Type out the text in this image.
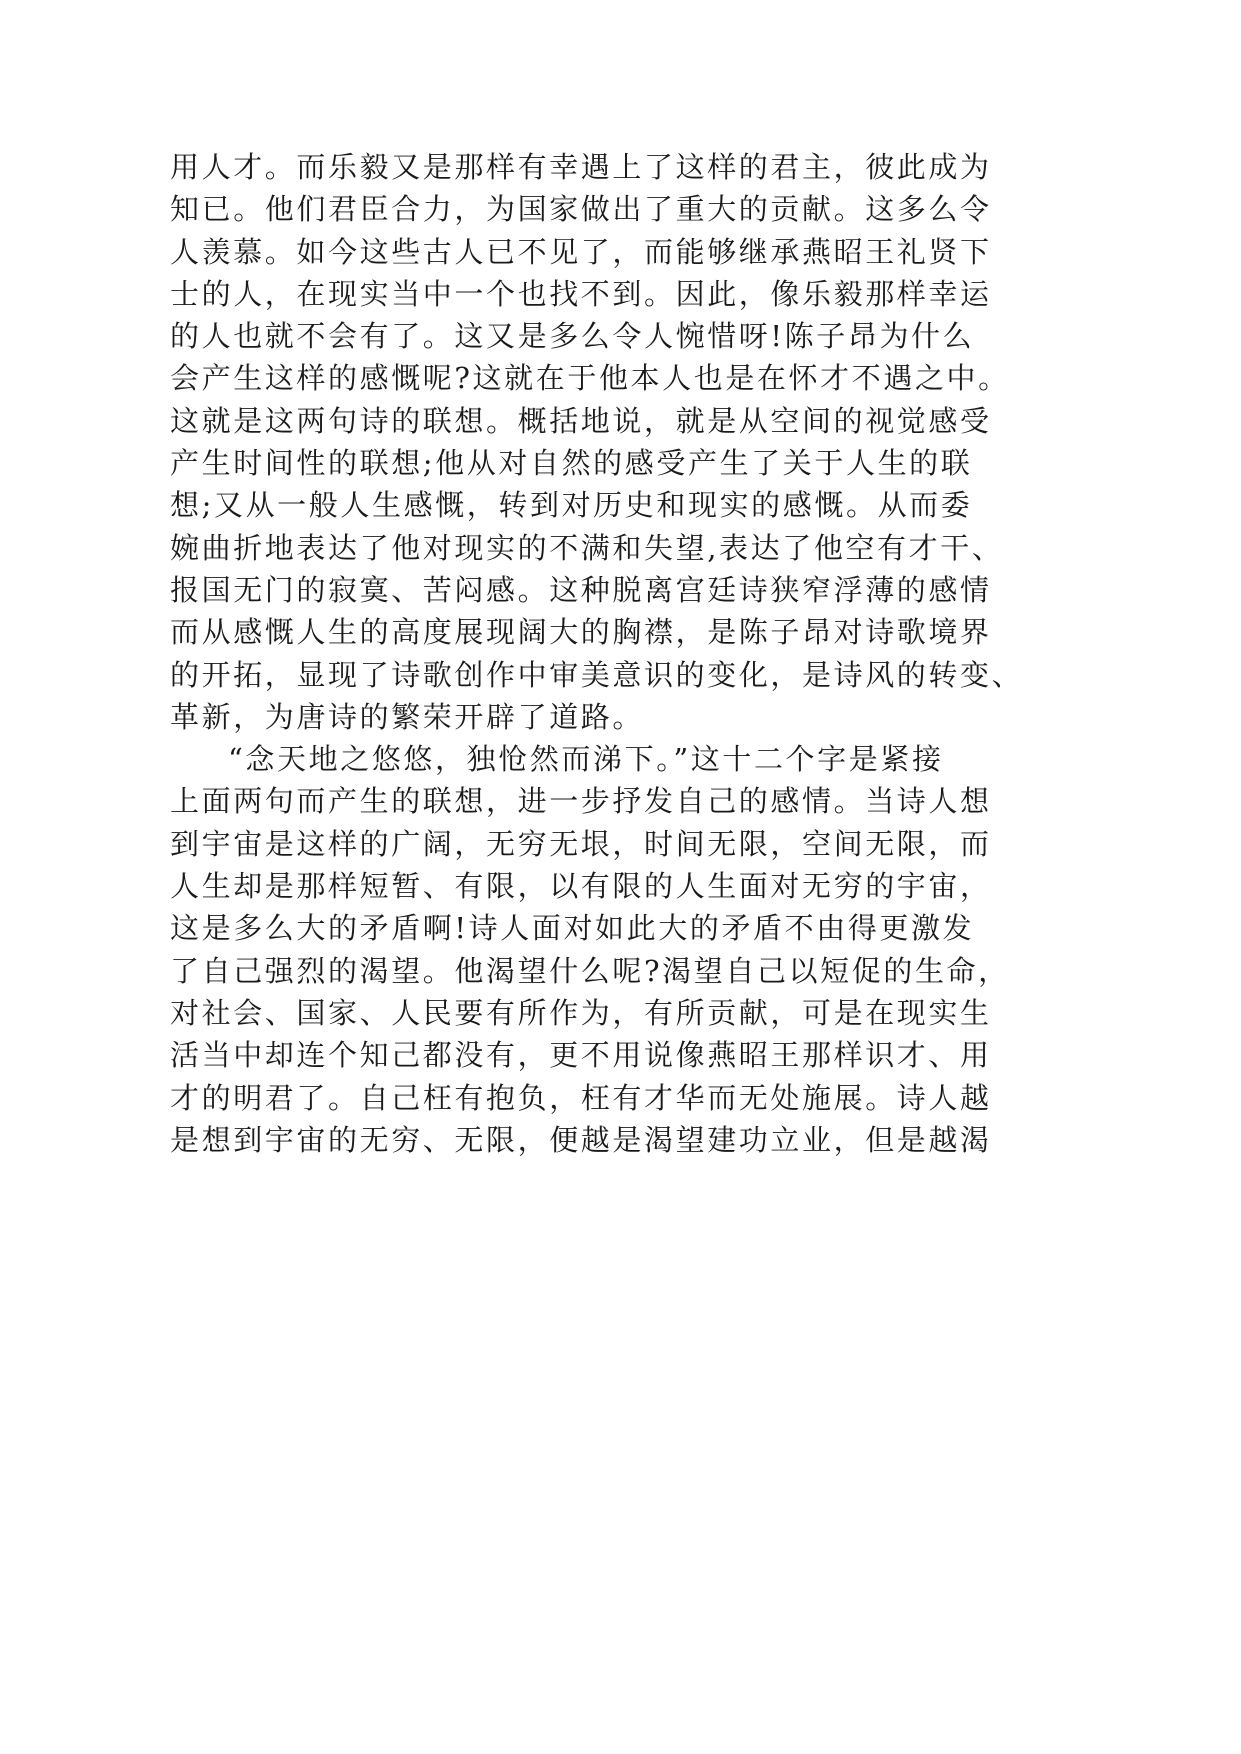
用人才。而乐毅又是那样有幸遇上了这样的君主，彼此成为
知已。他们君臣合力，为国家做出了重大的贡献。这多么令
人羡慕。如今这些古人已不见了，而能够继承燕昭王礼贤下
士的人，在现实当中一个也找不到。因此，像乐毅那样幸运
的人也就不会有了。这又是多么令人惋惜呀!陈子昂为什么
会产生这样的感慨呢?这就在于他本人也是在怀才不遇之中。
这就是这两句诗的联想。概括地说，就是从空间的视觉感受
产生时间性的联想;他从对自然的感受产生了关于人生的联
想;又从一般人生感慨，转到对历史和现实的感慨。从而委
婉曲折地表达了他对现实的不满和失望,表达了他空有才干、
报国无门的寂寞、苦闷感。这种脱离宫廷诗狭窄浮薄的感情
而从感慨人生的高度展现阔大的胸襟，是陈子昂对诗歌境界
的开拓，显现了诗歌创作中审美意识的变化，是诗风的转变、
革新，为唐诗的繁荣开辟了道路。
“念天地之悠悠，独怆然而涕下。”这十二个字是紧接
上面两句而产生的联想，进一步抒发自己的感情。当诗人想
到宇宙是这样的广阔，无穷无垠，时间无限，空间无限，而
人生却是那样短暂、有限，以有限的人生面对无穷的宇宙，
这是多么大的矛盾啊!诗人面对如此大的矛盾不由得更激发
了自己强烈的渴望。他渴望什么呢?渴望自己以短促的生命，
对社会、国家、人民要有所作为，有所贡献，可是在现实生
活当中却连个知己都没有，更不用说像燕昭王那样识才、用
才的明君了。自己枉有抱负，枉有才华而无处施展。诗人越
是想到宇宙的无穷、无限，便越是渴望建功立业，但是越渴
